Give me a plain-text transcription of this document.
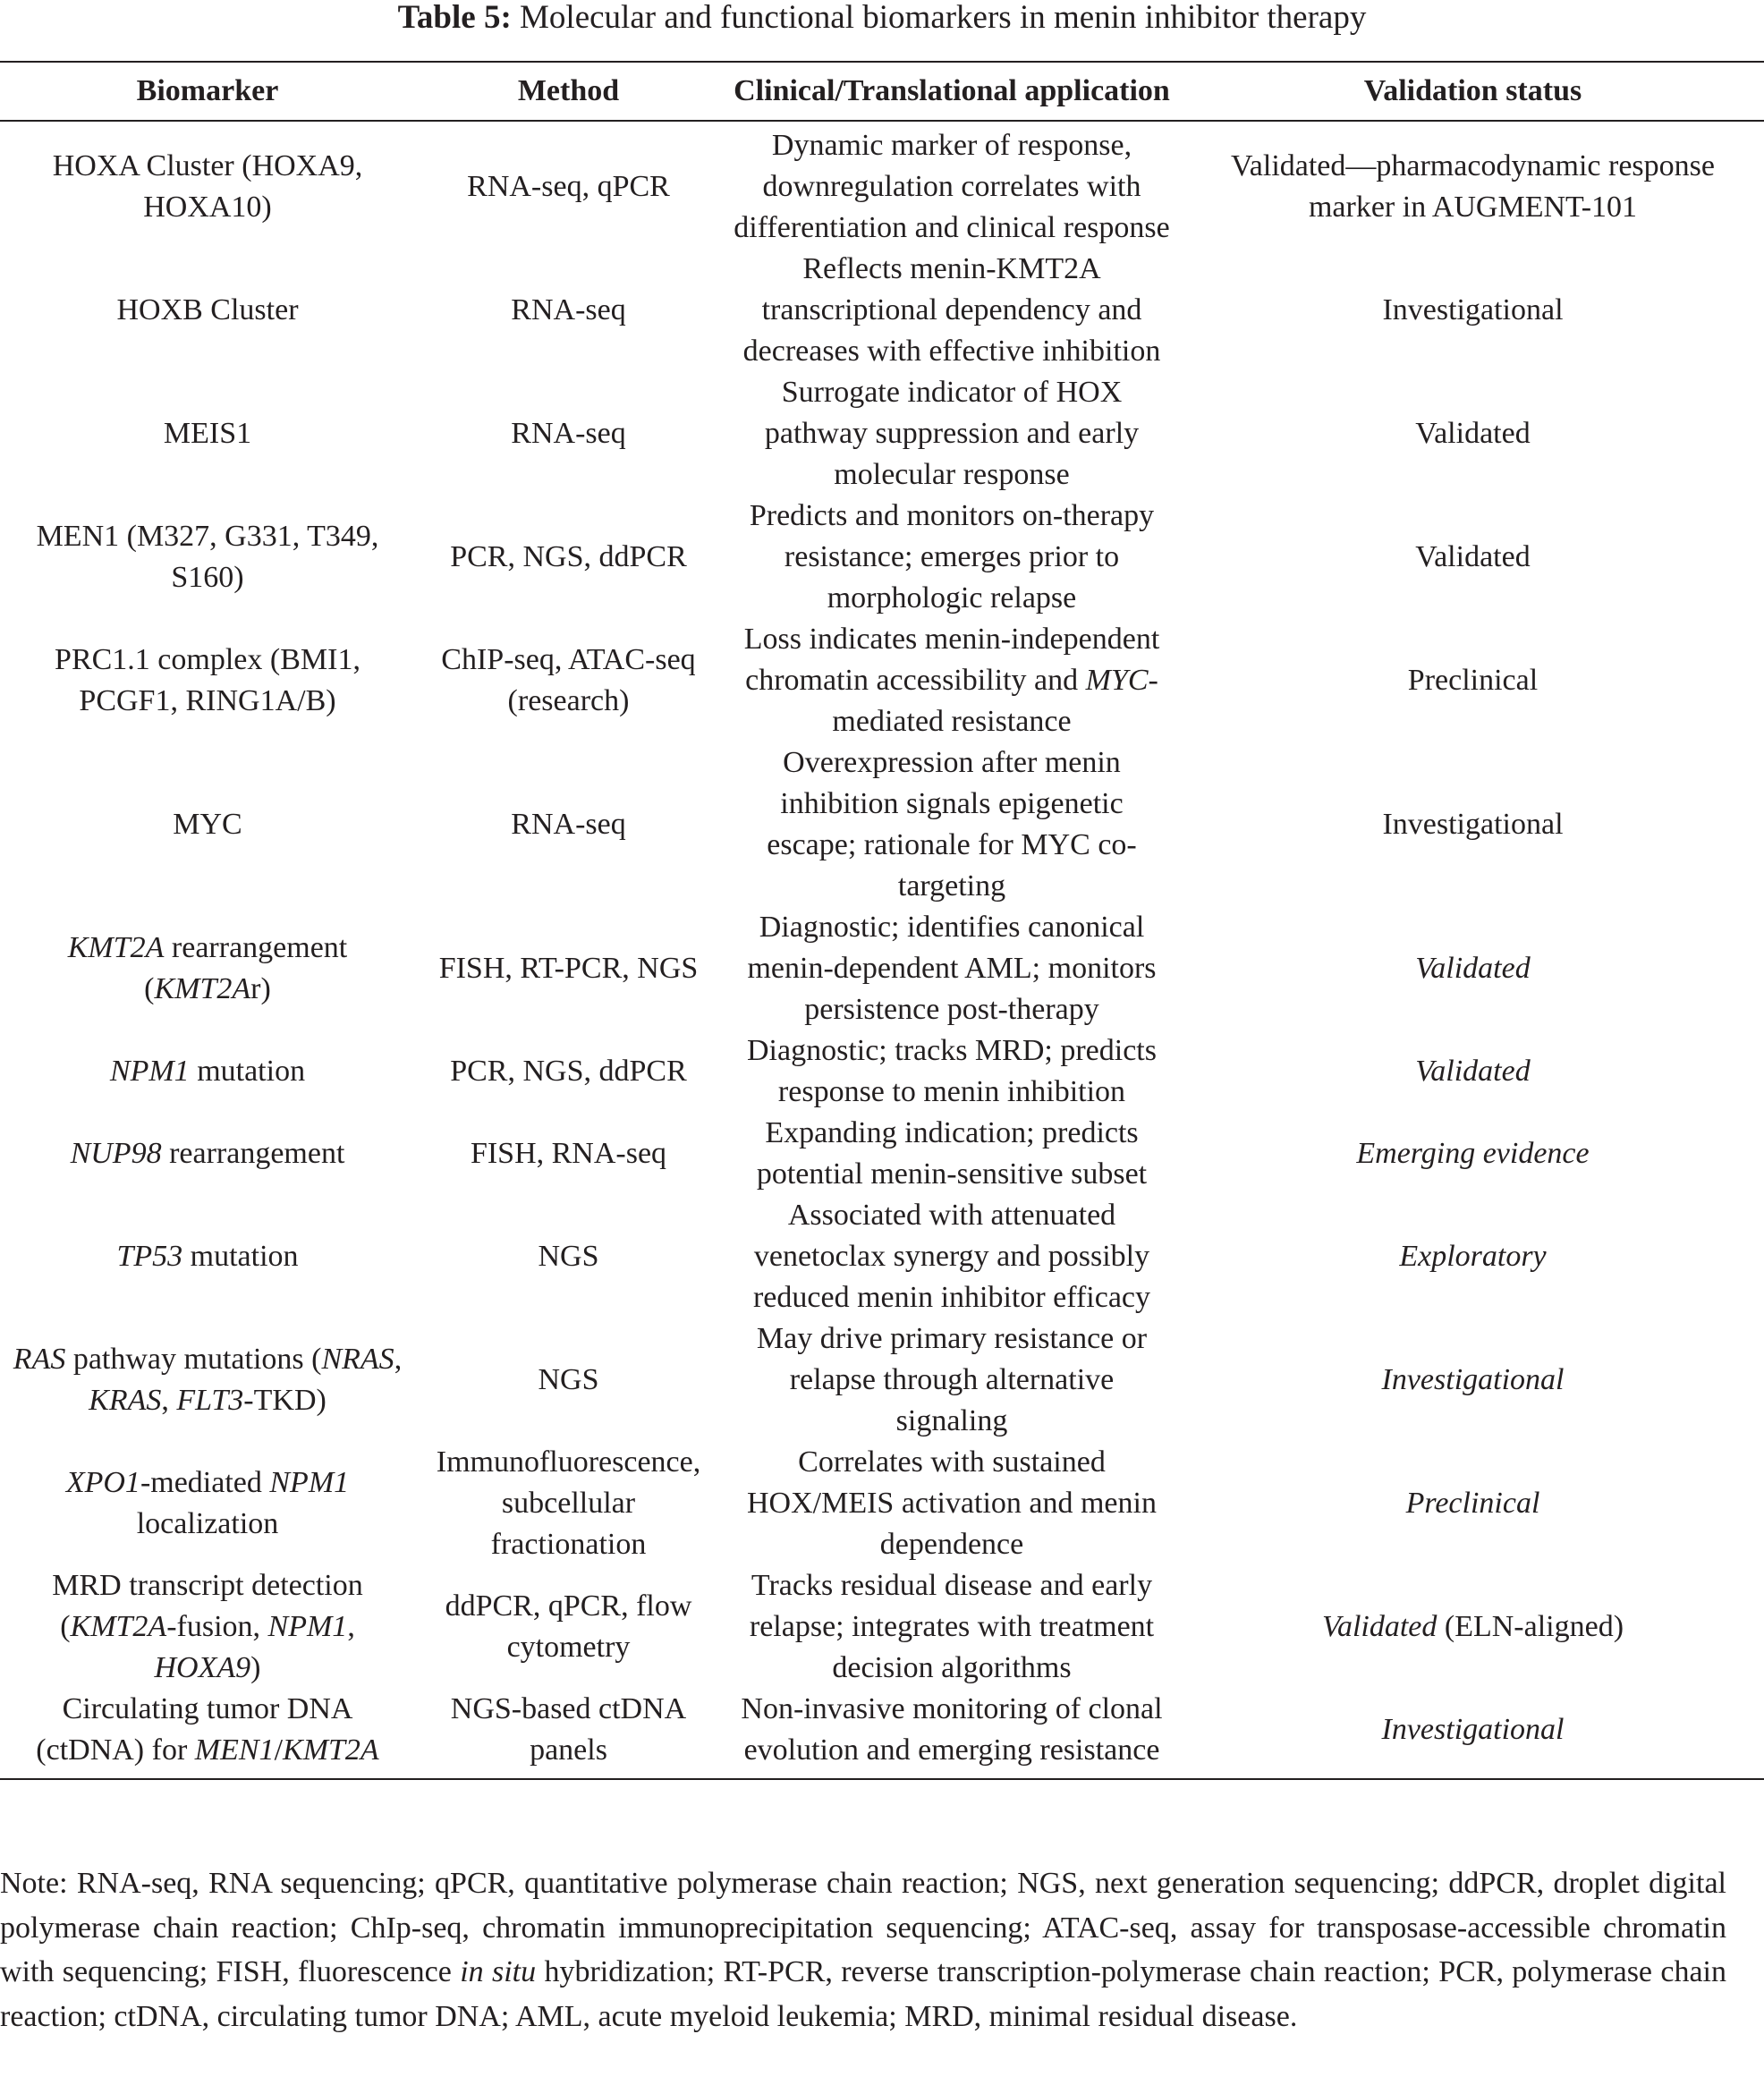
Table 5: Molecular and functional biomarkers in menin inhibitor therapy
Biomarker	Method	Clinical/Translational application	Validation status
HOXA Cluster (HOXA9, HOXA10)	RNA-seq, qPCR	Dynamic marker of response, downregulation correlates with differentiation and clinical response	Validated—pharmacodynamic response marker in AUGMENT-101
HOXB Cluster	RNA-seq	Reflects menin-KMT2A transcriptional dependency and decreases with effective inhibition	Investigational
MEIS1	RNA-seq	Surrogate indicator of HOX pathway suppression and early molecular response	Validated
MEN1 (M327, G331, T349, S160)	PCR, NGS, ddPCR	Predicts and monitors on-therapy resistance; emerges prior to morphologic relapse	Validated
PRC1.1 complex (BMI1, PCGF1, RING1A/B)	ChIP-seq, ATAC-seq (research)	Loss indicates menin-independent chromatin accessibility and MYC-mediated resistance	Preclinical
MYC	RNA-seq	Overexpression after menin inhibition signals epigenetic escape; rationale for MYC co-targeting	Investigational
KMT2A rearrangement (KMT2Ar)	FISH, RT-PCR, NGS	Diagnostic; identifies canonical menin-dependent AML; monitors persistence post-therapy	Validated
NPM1 mutation	PCR, NGS, ddPCR	Diagnostic; tracks MRD; predicts response to menin inhibition	Validated
NUP98 rearrangement	FISH, RNA-seq	Expanding indication; predicts potential menin-sensitive subset	Emerging evidence
TP53 mutation	NGS	Associated with attenuated venetoclax synergy and possibly reduced menin inhibitor efficacy	Exploratory
RAS pathway mutations (NRAS, KRAS, FLT3-TKD)	NGS	May drive primary resistance or relapse through alternative signaling	Investigational
XPO1-mediated NPM1 localization	Immunofluorescence, subcellular fractionation	Correlates with sustained HOX/MEIS activation and menin dependence	Preclinical
MRD transcript detection (KMT2A-fusion, NPM1, HOXA9)	ddPCR, qPCR, flow cytometry	Tracks residual disease and early relapse; integrates with treatment decision algorithms	Validated (ELN-aligned)
Circulating tumor DNA (ctDNA) for MEN1/KMT2A	NGS-based ctDNA panels	Non-invasive monitoring of clonal evolution and emerging resistance	Investigational
Note: RNA-seq, RNA sequencing; qPCR, quantitative polymerase chain reaction; NGS, next generation sequencing; ddPCR, droplet digital polymerase chain reaction; ChIp-seq, chromatin immunoprecipitation sequencing; ATAC-seq, assay for transposase-accessible chromatin with sequencing; FISH, fluorescence in situ hybridization; RT-PCR, reverse transcription-polymerase chain reaction; PCR, polymerase chain reaction; ctDNA, circulating tumor DNA; AML, acute myeloid leukemia; MRD, minimal residual disease.
